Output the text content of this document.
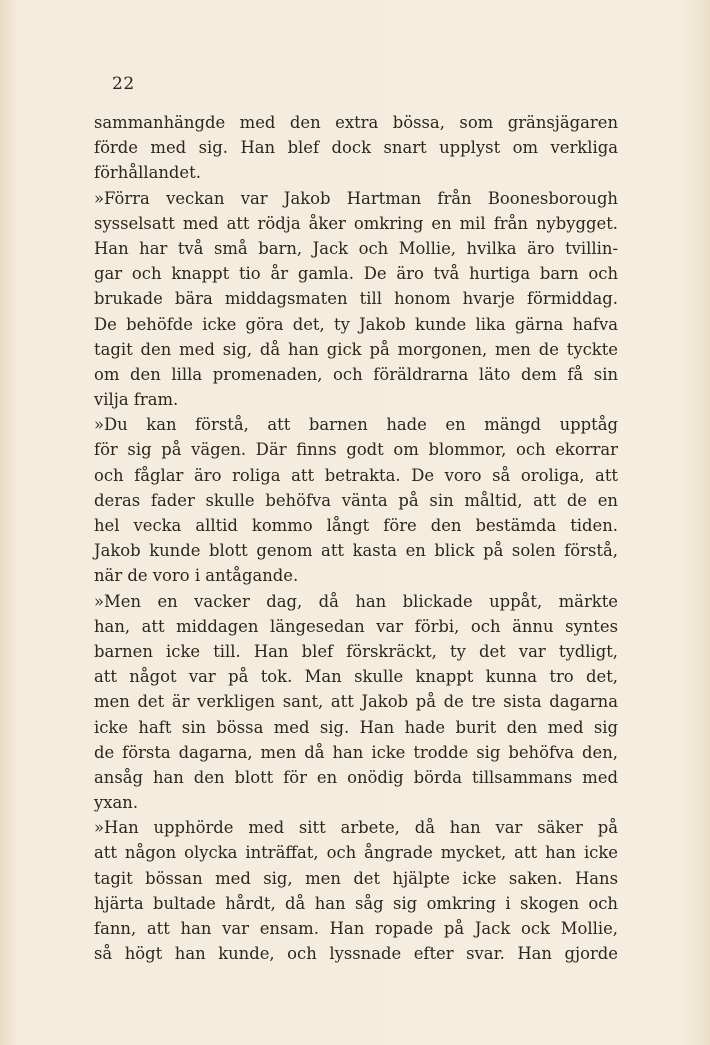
22
sammanhängde med den extra bössa, som gränsjägaren
förde med sig. Han blef dock snart upplyst om verkliga
förhållandet.
»Förra veckan var Jakob Hartman från Boonesborough
sysselsatt med att rödja åker omkring en mil från nybygget.
Han har två små barn, Jack och Mollie, hvilka äro tvillin-
gar och knappt tio år gamla. De äro två hurtiga barn och
brukade bära middagsmaten till honom hvarje förmiddag.
De behöfde icke göra det, ty Jakob kunde lika gärna hafva
tagit den med sig, då han gick på morgonen, men de tyckte
om den lilla promenaden, och föräldrarna läto dem få sin
vilja fram.
»Du kan förstå, att barnen hade en mängd upptåg
för sig på vägen. Där finns godt om blommor, och ekorrar
och fåglar äro roliga att betrakta. De voro så oroliga, att
deras fader skulle behöfva vänta på sin måltid, att de en
hel vecka alltid kommo långt före den bestämda tiden.
Jakob kunde blott genom att kasta en blick på solen förstå,
när de voro i antågande.
»Men en vacker dag, då han blickade uppåt, märkte
han, att middagen längesedan var förbi, och ännu syntes
barnen icke till. Han blef förskräckt, ty det var tydligt,
att något var på tok. Man skulle knappt kunna tro det,
men det är verkligen sant, att Jakob på de tre sista dagarna
icke haft sin bössa med sig. Han hade burit den med sig
de första dagarna, men då han icke trodde sig behöfva den,
ansåg han den blott för en onödig börda tillsammans med
yxan.
»Han upphörde med sitt arbete, då han var säker på
att någon olycka inträffat, och ångrade mycket, att han icke
tagit bössan med sig, men det hjälpte icke saken. Hans
hjärta bultade hårdt, då han såg sig omkring i skogen och
fann, att han var ensam. Han ropade på Jack ock Mollie,
så högt han kunde, och lyssnade efter svar. Han gjorde
